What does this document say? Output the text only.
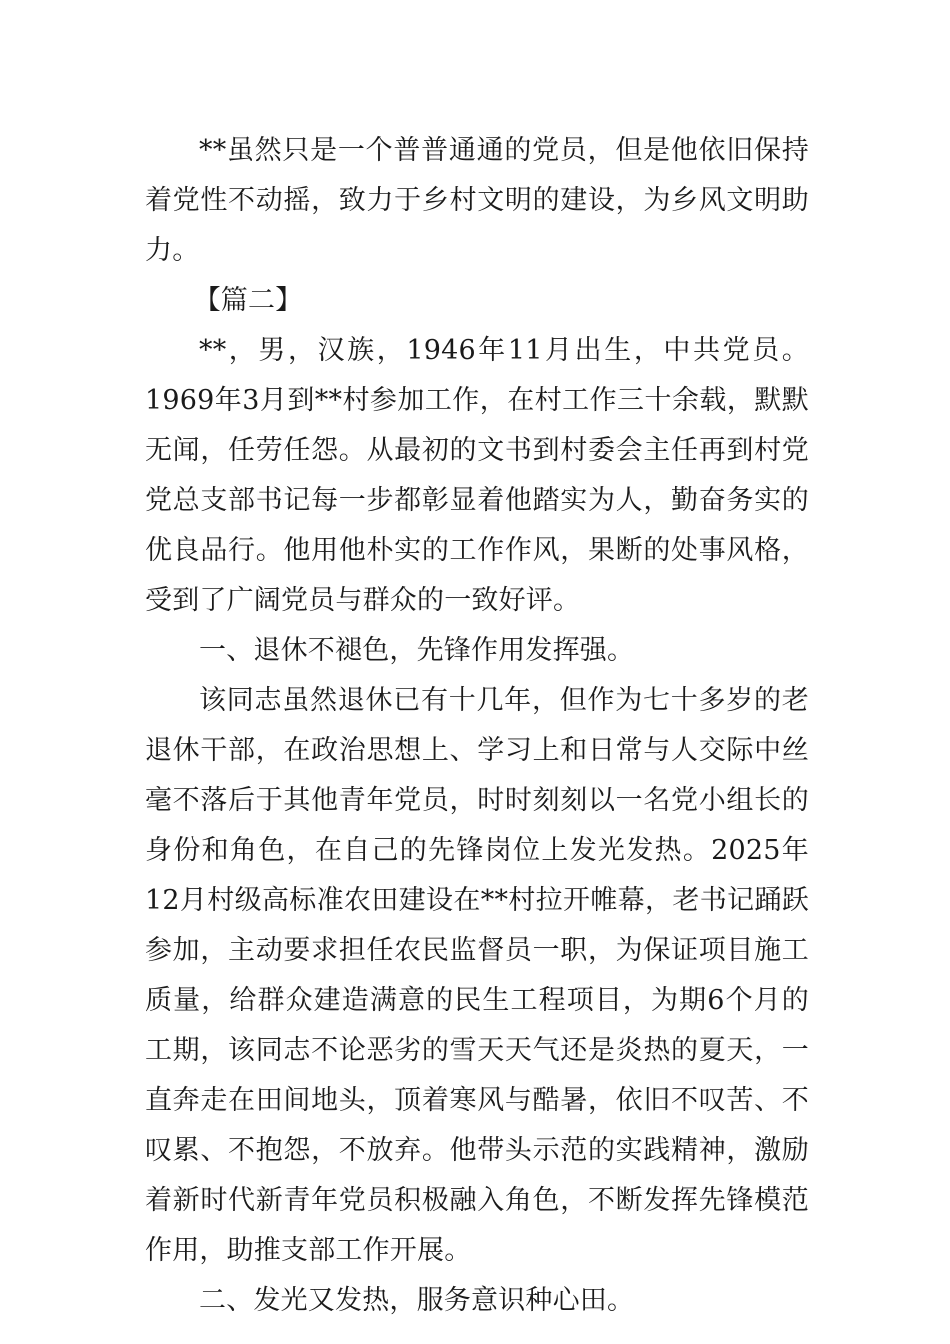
**虽然只是一个普普通通的党员，但是他依旧保持着党性不动摇，致力于乡村文明的建设，为乡风文明助力。

【篇二】

**，男，汉族，1946年11月出生，中共党员。1969年3月到**村参加工作，在村工作三十余载，默默无闻，任劳任怨。从最初的文书到村委会主任再到村党党总支部书记每一步都彰显着他踏实为人，勤奋务实的优良品行。他用他朴实的工作作风，果断的处事风格，受到了广阔党员与群众的一致好评。

一、退休不褪色，先锋作用发挥强。

该同志虽然退休已有十几年，但作为七十多岁的老退休干部，在政治思想上、学习上和日常与人交际中丝毫不落后于其他青年党员，时时刻刻以一名党小组长的身份和角色，在自己的先锋岗位上发光发热。2025年12月村级高标准农田建设在**村拉开帷幕，老书记踊跃参加，主动要求担任农民监督员一职，为保证项目施工质量，给群众建造满意的民生工程项目，为期6个月的工期，该同志不论恶劣的雪天天气还是炎热的夏天，一直奔走在田间地头，顶着寒风与酷暑，依旧不叹苦、不叹累、不抱怨，不放弃。他带头示范的实践精神，激励着新时代新青年党员积极融入角色，不断发挥先锋模范作用，助推支部工作开展。

二、发光又发热，服务意识种心田。
